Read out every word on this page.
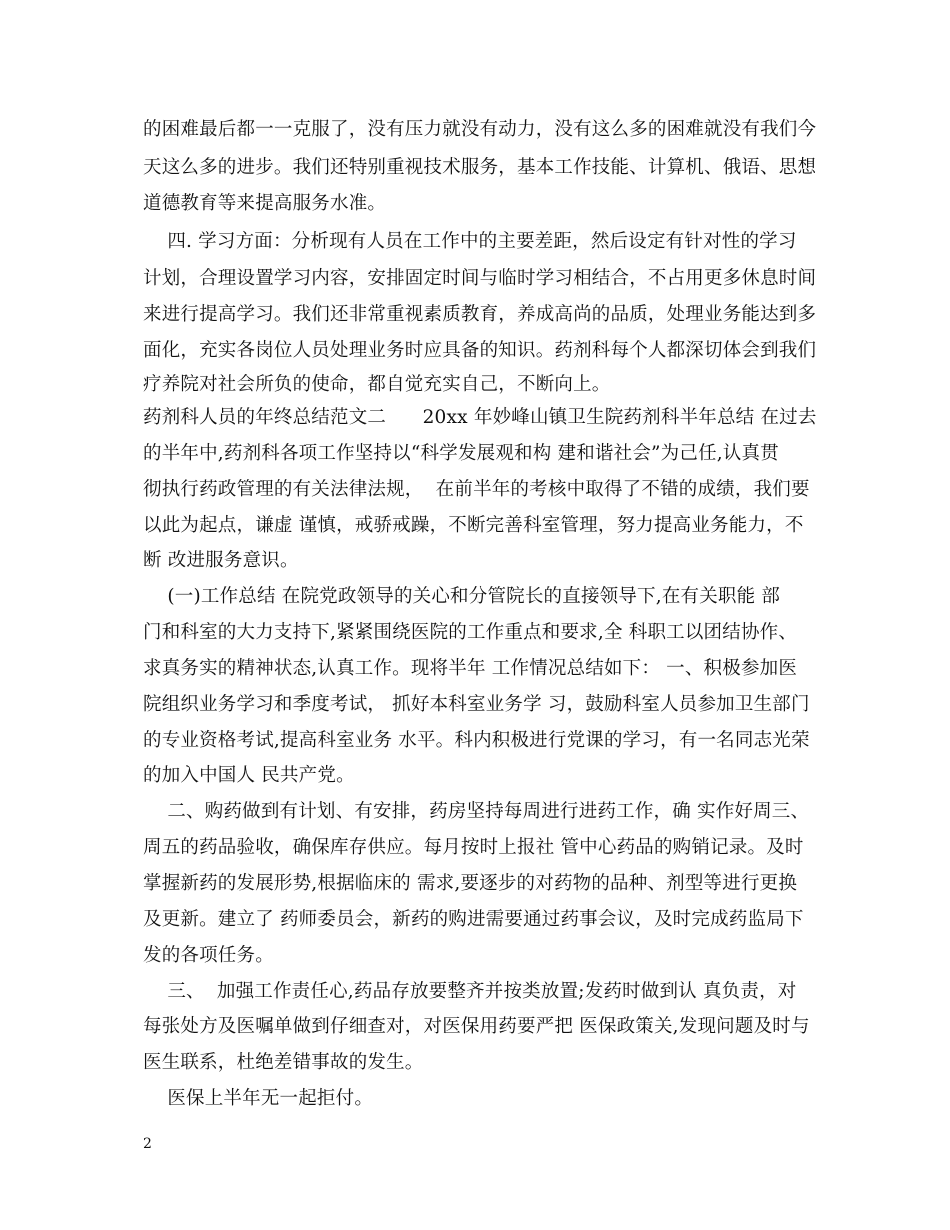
的困难最后都一一克服了，没有压力就没有动力，没有这么多的困难就没有我们今
天这么多的进步。我们还特别重视技术服务，基本工作技能、计算机、俄语、思想
道德教育等来提高服务水准。
四. 学习方面：分析现有人员在工作中的主要差距，然后设定有针对性的学习
计划，合理设置学习内容，安排固定时间与临时学习相结合，不占用更多休息时间
来进行提高学习。我们还非常重视素质教育，养成高尚的品质，处理业务能达到多
面化，充实各岗位人员处理业务时应具备的知识。药剂科每个人都深切体会到我们
疗养院对社会所负的使命，都自觉充实自己，不断向上。
药剂科人员的年终总结范文二      20xx 年妙峰山镇卫生院药剂科半年总结 在过去
的半年中,药剂科各项工作坚持以“科学发展观和构 建和谐社会”为己任,认真贯
彻执行药政管理的有关法律法规，  在前半年的考核中取得了不错的成绩，我们要
以此为起点，谦虚 谨慎，戒骄戒躁，不断完善科室管理，努力提高业务能力，不
断 改进服务意识。
(一)工作总结 在院党政领导的关心和分管院长的直接领导下,在有关职能 部
门和科室的大力支持下,紧紧围绕医院的工作重点和要求,全 科职工以团结协作、
求真务实的精神状态,认真工作。现将半年 工作情况总结如下： 一、积极参加医
院组织业务学习和季度考试， 抓好本科室业务学 习，鼓励科室人员参加卫生部门
的专业资格考试,提高科室业务 水平。科内积极进行党课的学习，有一名同志光荣
的加入中国人 民共产党。
二、购药做到有计划、有安排，药房坚持每周进行进药工作，确 实作好周三、
周五的药品验收，确保库存供应。每月按时上报社 管中心药品的购销记录。及时
掌握新药的发展形势,根据临床的 需求,要逐步的对药物的品种、剂型等进行更换
及更新。建立了 药师委员会，新药的购进需要通过药事会议，及时完成药监局下
发的各项任务。
三、  加强工作责任心,药品存放要整齐并按类放置;发药时做到认 真负责，对
每张处方及医嘱单做到仔细查对，对医保用药要严把 医保政策关,发现问题及时与
医生联系，杜绝差错事故的发生。
医保上半年无一起拒付。
2
